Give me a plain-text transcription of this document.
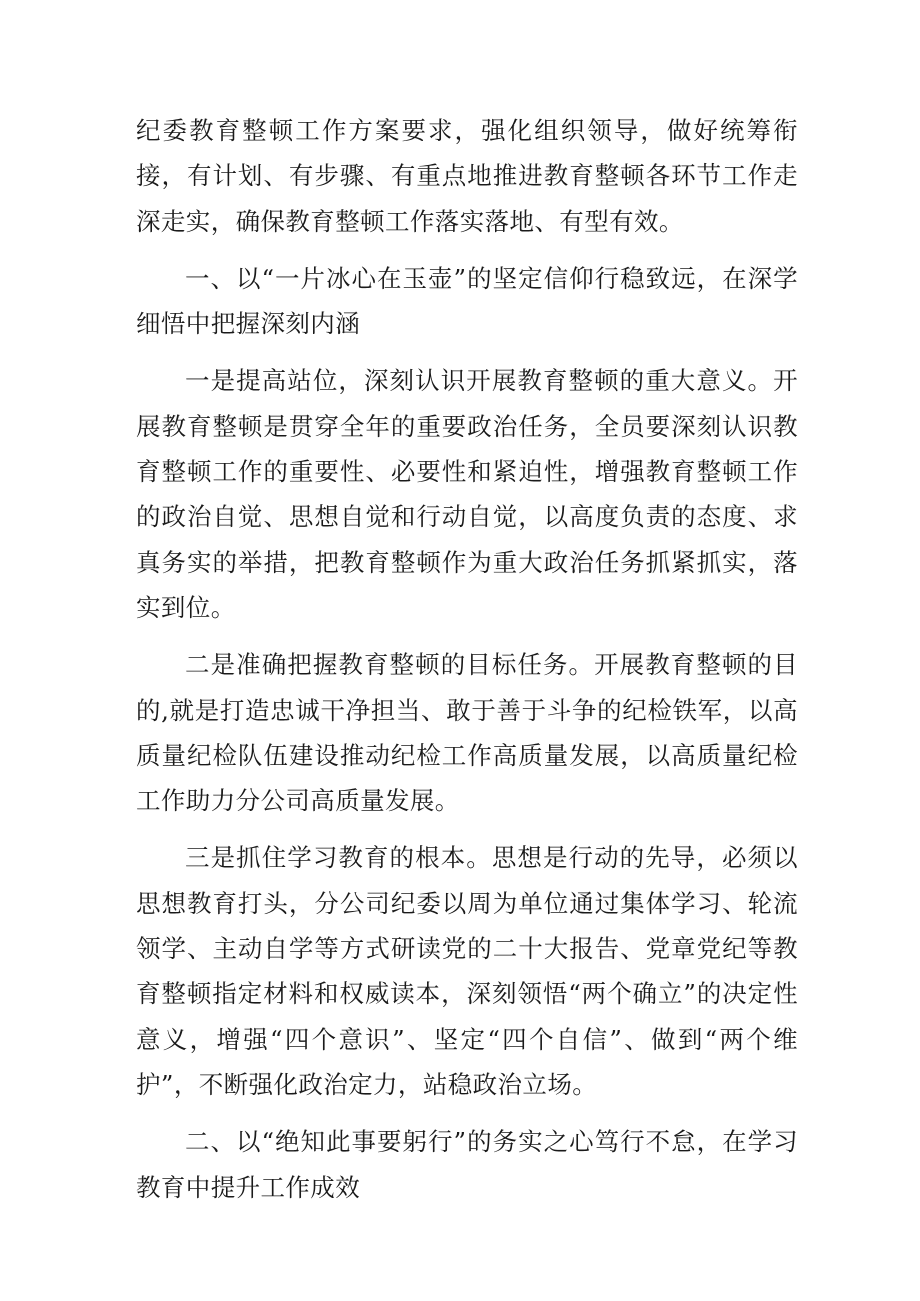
纪委教育整顿工作方案要求，强化组织领导，做好统筹衔接，有计划、有步骤、有重点地推进教育整顿各环节工作走深走实，确保教育整顿工作落实落地、有型有效。

一、以“一片冰心在玉壶”的坚定信仰行稳致远，在深学细悟中把握深刻内涵

一是提高站位，深刻认识开展教育整顿的重大意义。开展教育整顿是贯穿全年的重要政治任务，全员要深刻认识教育整顿工作的重要性、必要性和紧迫性，增强教育整顿工作的政治自觉、思想自觉和行动自觉，以高度负责的态度、求真务实的举措，把教育整顿作为重大政治任务抓紧抓实，落实到位。

二是准确把握教育整顿的目标任务。开展教育整顿的目的,就是打造忠诚干净担当、敢于善于斗争的纪检铁军，以高质量纪检队伍建设推动纪检工作高质量发展，以高质量纪检工作助力分公司高质量发展。

三是抓住学习教育的根本。思想是行动的先导，必须以思想教育打头，分公司纪委以周为单位通过集体学习、轮流领学、主动自学等方式研读党的二十大报告、党章党纪等教育整顿指定材料和权威读本，深刻领悟“两个确立”的决定性意义，增强“四个意识”、坚定“四个自信”、做到“两个维护”，不断强化政治定力，站稳政治立场。

二、以“绝知此事要躬行”的务实之心笃行不怠，在学习教育中提升工作成效
